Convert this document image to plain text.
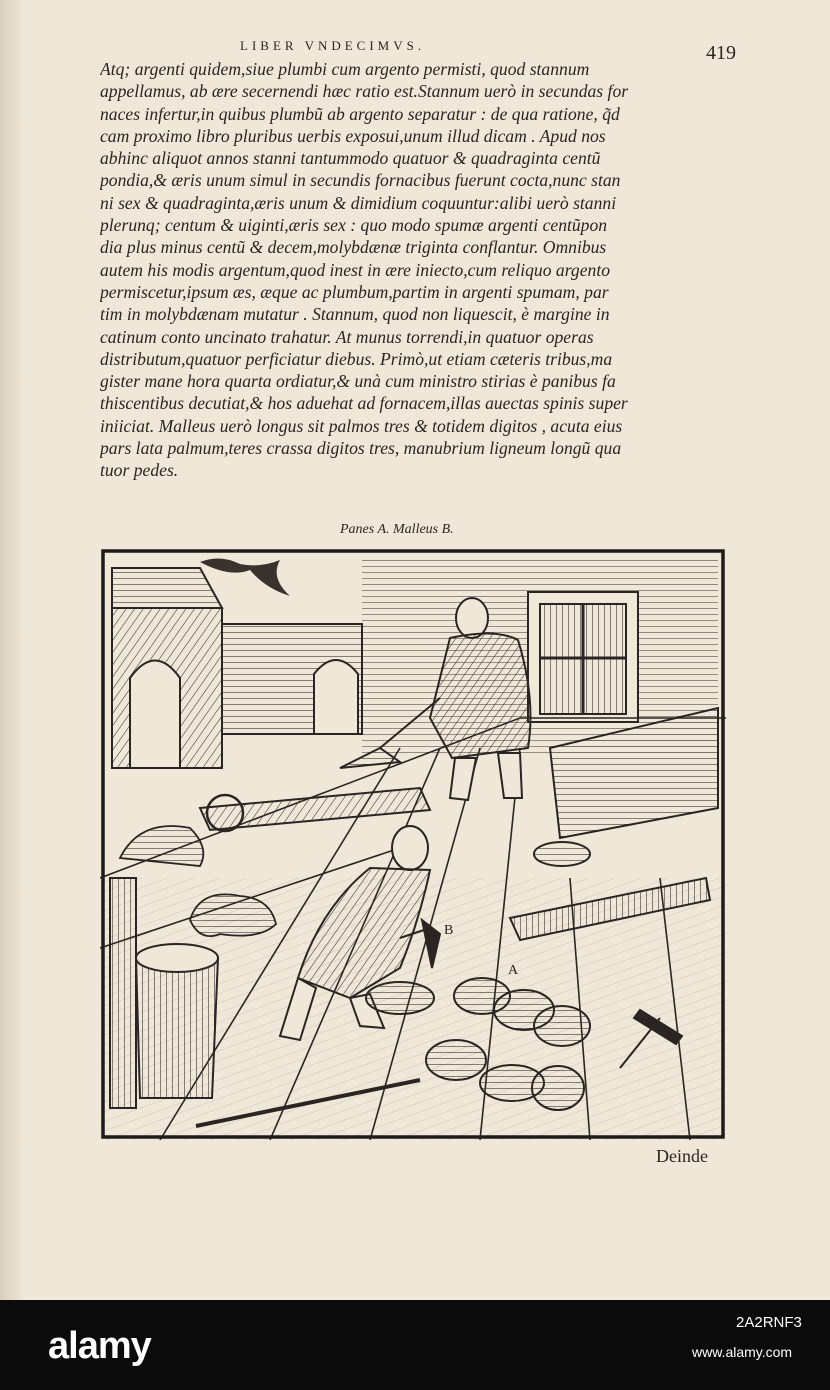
LIBER VNDECIMVS.	419
Atq; argenti quidem,siue plumbi cum argento permisti, quod stannum
appellamus, ab ære secernendi hæc ratio est.Stannum uerò in secundas for
naces infertur,in quibus plumbũ ab argento separatur : de qua ratione, q̃d
cam proximo libro pluribus uerbis exposui,unum illud dicam . Apud nos
abhinc aliquot annos stanni tantummodo quatuor & quadraginta centũ
pondia,& æris unum simul in secundis fornacibus fuerunt cocta,nunc stan
ni sex & quadraginta,æris unum & dimidium coquuntur:alibi uerò stanni
plerunq; centum & uiginti,æris sex : quo modo spumæ argenti centũpon
dia plus minus centũ & decem,molybdænæ triginta conflantur. Omnibus
autem his modis argentum,quod inest in ære iniecto,cum reliquo argento
permiscetur,ipsum æs, æque ac plumbum,partim in argenti spumam, par
tim in molybdænam mutatur . Stannum, quod non liquescit, è margine in
catinum conto uncinato trahatur. At munus torrendi,in quatuor operas
distributum,quatuor perficiatur diebus. Primò,ut etiam cæteris tribus,ma
gister mane hora quarta ordiatur,& unà cum ministro stirias è panibus fa
thiscentibus decutiat,& hos aduehat ad fornacem,illas auectas spinis super
iniiciat. Malleus uerò longus sit palmos tres & totidem digitos , acuta eius
pars lata palmum,teres crassa digitos tres, manubrium ligneum longũ qua
tuor pedes.
Panes A. Malleus B.
B
A
Deinde
alamy
2A2RNF3
www.alamy.com
